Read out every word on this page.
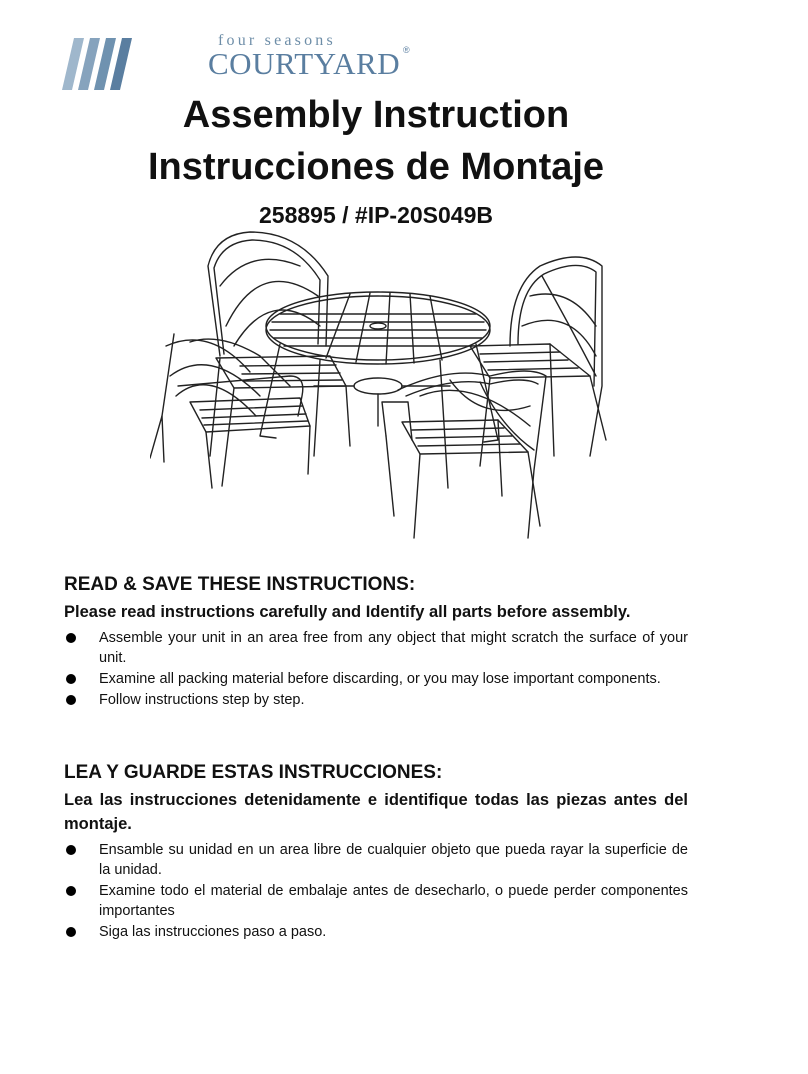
four seasons
COURTYARD ®
Assembly Instruction
Instrucciones de Montaje
258895 / #IP-20S049B
READ & SAVE THESE INSTRUCTIONS:
Please read instructions carefully and Identify all parts before assembly.
Assemble your unit in an area free from any object that might scratch the surface of your unit.
Examine all packing material before discarding, or you may lose important components.
Follow instructions step by step.
LEA Y GUARDE ESTAS INSTRUCCIONES:
Lea las instrucciones detenidamente e identifique todas las piezas antes del montaje.
Ensamble su unidad en un area libre de cualquier objeto que pueda rayar la superficie de la unidad.
Examine todo el material de embalaje antes de desecharlo, o puede perder componentes importantes
Siga las instrucciones paso a paso.
